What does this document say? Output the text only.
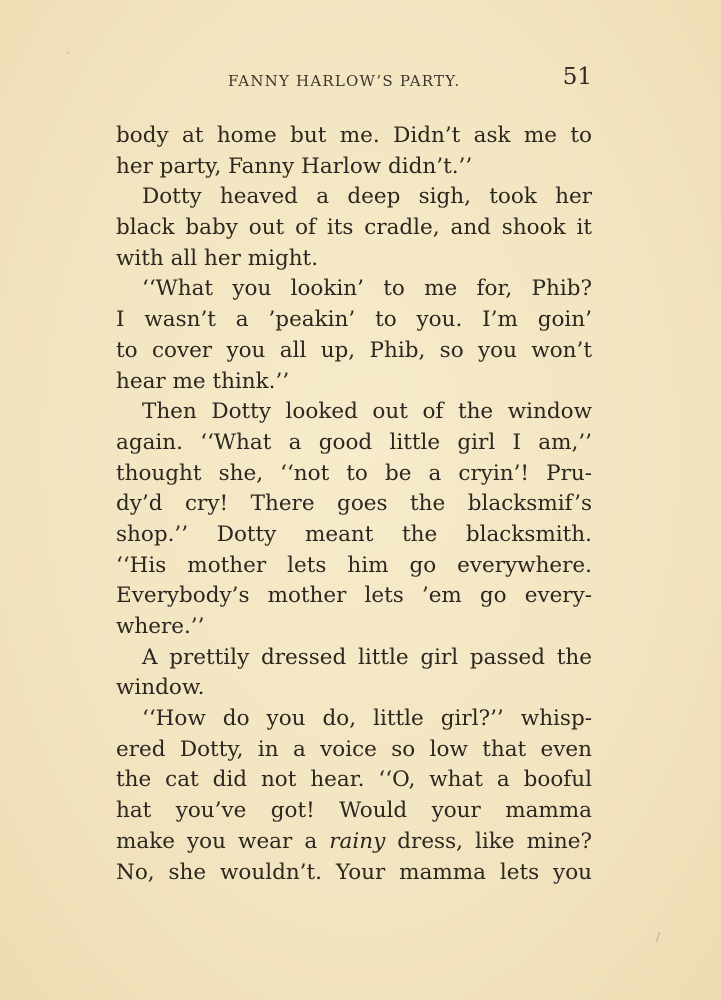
·
/
FANNY HARLOW’S PARTY.	51
body at home but me. Didn’t ask me to
her party, Fanny Harlow didn’t.’’
Dotty heaved a deep sigh, took her
black baby out of its cradle, and shook it
with all her might.
‘‘What you lookin’ to me for, Phib?
I wasn’t a ’peakin’ to you. I’m goin’
to cover you all up, Phib, so you won’t
hear me think.’’
Then Dotty looked out of the window
again. ‘‘What a good little girl I am,’’
thought she, ‘‘not to be a cryin’! Pru-
dy’d cry! There goes the blacksmif’s
shop.’’ Dotty meant the blacksmith.
‘‘His mother lets him go everywhere.
Everybody’s mother lets ’em go every-
where.’’
A prettily dressed little girl passed the
window.
‘‘How do you do, little girl?’’ whisp-
ered Dotty, in a voice so low that even
the cat did not hear. ‘‘O, what a booful
hat you’ve got! Would your mamma
make you wear a rainy dress, like mine?
No, she wouldn’t. Your mamma lets you
